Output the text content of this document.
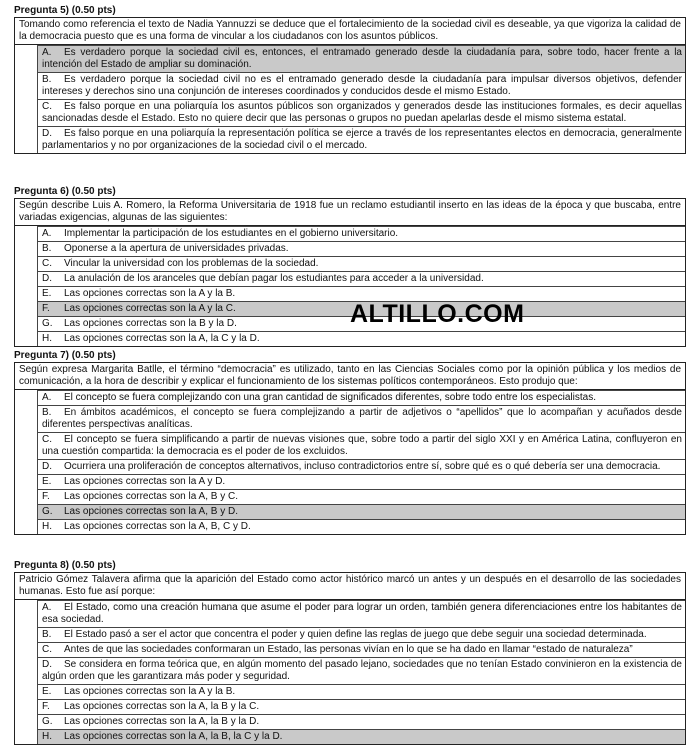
Pregunta 5) (0.50 pts)
Tomando como referencia el texto de Nadia Yannuzzi se deduce que el fortalecimiento de la sociedad civil es deseable, ya que vigoriza la calidad de la democracia puesto que es una forma de vincular a los ciudadanos con los asuntos públicos.
A. Es verdadero porque la sociedad civil es, entonces, el entramado generado desde la ciudadanía para, sobre todo, hacer frente a la intención del Estado de ampliar su dominación.
B. Es verdadero porque la sociedad civil no es el entramado generado desde la ciudadanía para impulsar diversos objetivos, defender intereses y derechos sino una conjunción de intereses coordinados y conducidos desde el mismo Estado.
C. Es falso porque en una poliarquía los asuntos públicos son organizados y generados desde las instituciones formales, es decir aquellas sancionadas desde el Estado. Esto no quiere decir que las personas o grupos no puedan apelarlas desde el mismo sistema estatal.
D. Es falso porque en una poliarquía la representación política se ejerce a través de los representantes electos en democracia, generalmente parlamentarios y no por organizaciones de la sociedad civil o el mercado.
Pregunta 6) (0.50 pts)
Según describe Luis A. Romero, la Reforma Universitaria de 1918 fue un reclamo estudiantil inserto en las ideas de la época y que buscaba, entre variadas exigencias, algunas de las siguientes:
A. Implementar la participación de los estudiantes en el gobierno universitario.
B. Oponerse a la apertura de universidades privadas.
C. Vincular la universidad con los problemas de la sociedad.
D. La anulación de los aranceles que debían pagar los estudiantes para acceder a la universidad.
E. Las opciones correctas son la A y la B.
F. Las opciones correctas son la A y la C.
G. Las opciones correctas son la B y la D.
H. Las opciones correctas son la A, la C y la D.
ALTILLO.COM
Pregunta 7) (0.50 pts)
Según expresa Margarita Batlle, el término “democracia” es utilizado, tanto en las Ciencias Sociales como por la opinión pública y los medios de comunicación, a la hora de describir y explicar el funcionamiento de los sistemas políticos contemporáneos. Esto produjo que:
A. El concepto se fuera complejizando con una gran cantidad de significados diferentes, sobre todo entre los especialistas.
B. En ámbitos académicos, el concepto se fuera complejizando a partir de adjetivos o “apellidos” que lo acompañan y acuñados desde diferentes perspectivas analíticas.
C. El concepto se fuera simplificando a partir de nuevas visiones que, sobre todo a partir del siglo XXI y en América Latina, confluyeron en una cuestión compartida: la democracia es el poder de los excluidos.
D. Ocurriera una proliferación de conceptos alternativos, incluso contradictorios entre sí, sobre qué es o qué debería ser una democracia.
E. Las opciones correctas son la A y D.
F. Las opciones correctas son la A, B y C.
G. Las opciones correctas son la A, B y D.
H. Las opciones correctas son la A, B, C y D.
Pregunta 8) (0.50 pts)
Patricio Gómez Talavera afirma que la aparición del Estado como actor histórico marcó un antes y un después en el desarrollo de las sociedades humanas. Esto fue así porque:
A. El Estado, como una creación humana que asume el poder para lograr un orden, también genera diferenciaciones entre los habitantes de esa sociedad.
B. El Estado pasó a ser el actor que concentra el poder y quien define las reglas de juego que debe seguir una sociedad determinada.
C. Antes de que las sociedades conformaran un Estado, las personas vivían en lo que se ha dado en llamar “estado de naturaleza”
D. Se considera en forma teórica que, en algún momento del pasado lejano, sociedades que no tenían Estado convinieron en la existencia de algún orden que les garantizara más poder y seguridad.
E. Las opciones correctas son la A y la B.
F. Las opciones correctas son la A, la B y la C.
G. Las opciones correctas son la A, la B y la D.
H. Las opciones correctas son la A, la B, la C y la D.
